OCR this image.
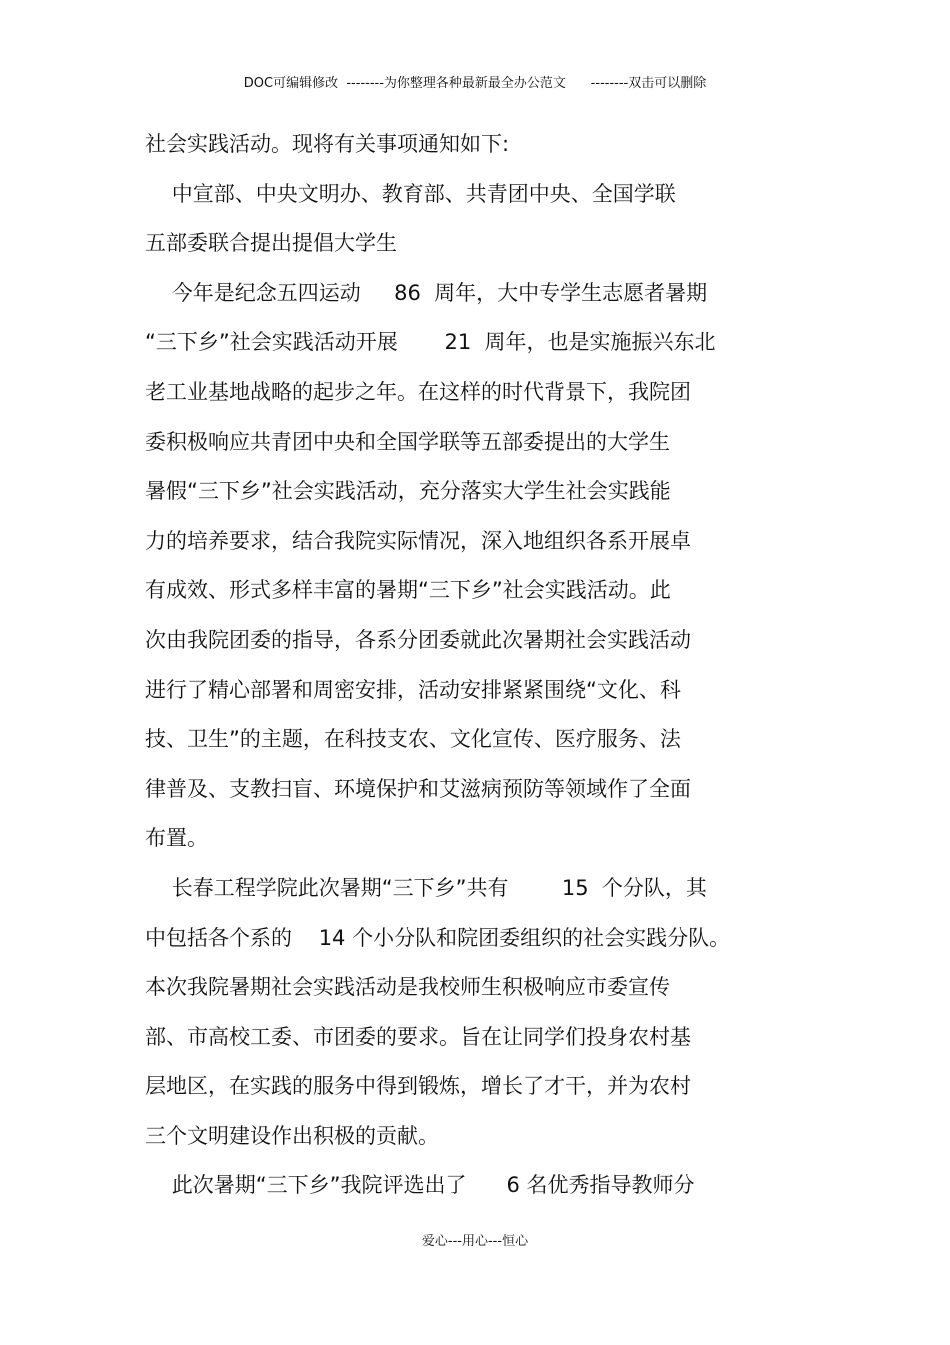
DOC可编辑修改  --------为你整理各种最新最全办公范文      --------双击可以删除
社会实践活动。现将有关事项通知如下:
中宣部、中央文明办、教育部、共青团中央、全国学联
五部委联合提出提倡大学生
今年是纪念五四运动     86  周年，大中专学生志愿者暑期
“三下乡”社会实践活动开展       21  周年，也是实施振兴东北
老工业基地战略的起步之年。在这样的时代背景下，我院团
委积极响应共青团中央和全国学联等五部委提出的大学生
暑假“三下乡”社会实践活动，充分落实大学生社会实践能
力的培养要求，结合我院实际情况，深入地组织各系开展卓
有成效、形式多样丰富的暑期“三下乡”社会实践活动。此
次由我院团委的指导，各系分团委就此次暑期社会实践活动
进行了精心部署和周密安排，活动安排紧紧围绕“文化、科
技、卫生”的主题，在科技支农、文化宣传、医疗服务、法
律普及、支教扫盲、环境保护和艾滋病预防等领域作了全面
布置。
长春工程学院此次暑期“三下乡”共有        15  个分队，其
中包括各个系的    14 个小分队和院团委组织的社会实践分队。
本次我院暑期社会实践活动是我校师生积极响应市委宣传
部、市高校工委、市团委的要求。旨在让同学们投身农村基
层地区，在实践的服务中得到锻炼，增长了才干，并为农村
三个文明建设作出积极的贡献。
此次暑期“三下乡”我院评选出了      6 名优秀指导教师分
爱心---用心---恒心
